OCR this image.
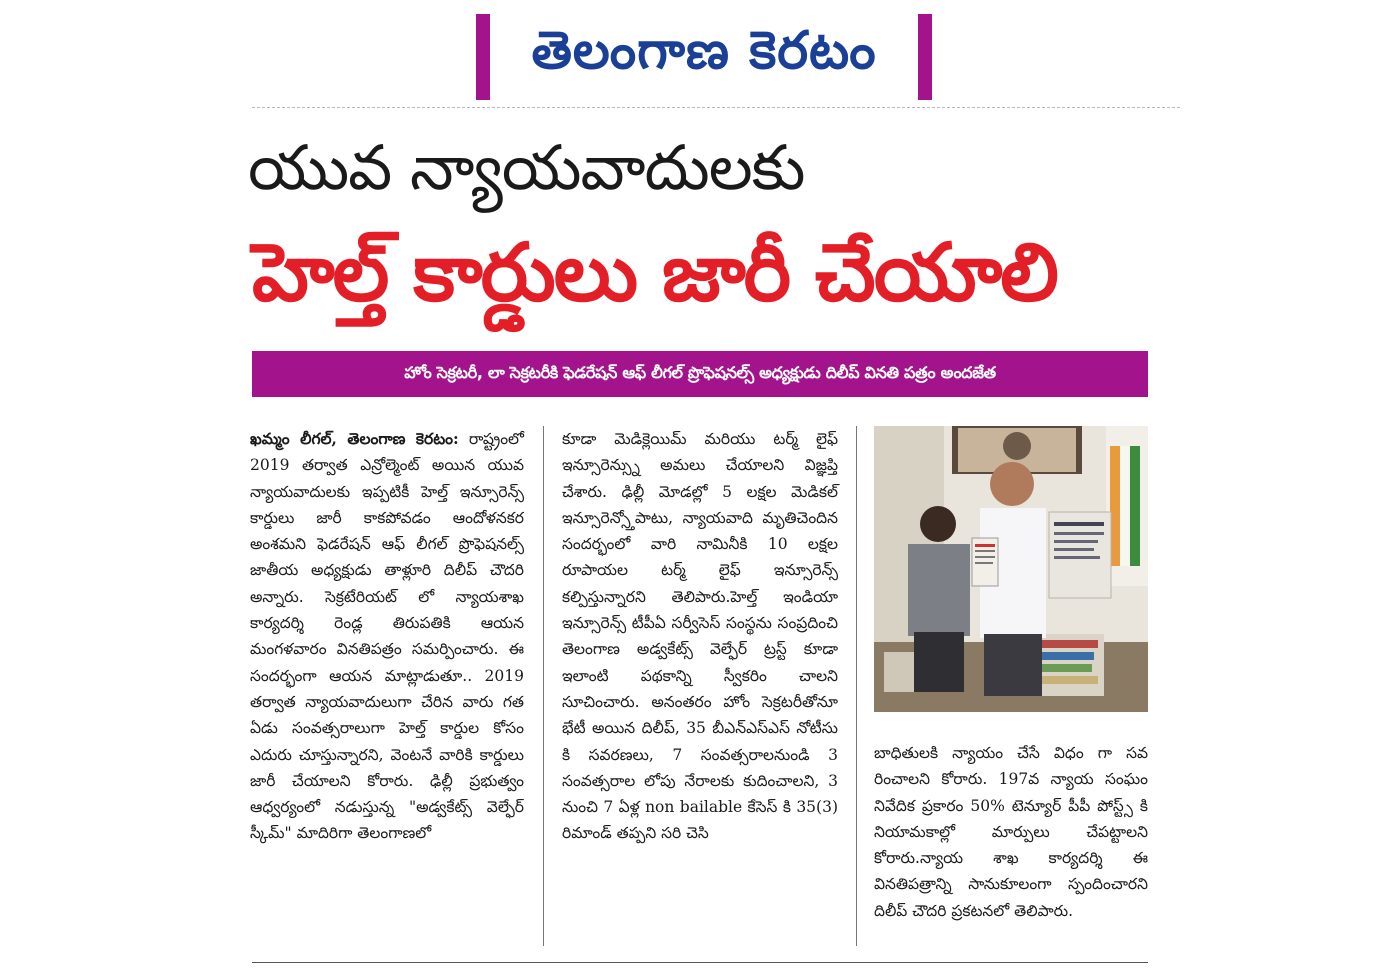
తెలంగాణ కెరటం
యువ న్యాయవాదులకు
హెల్త్ కార్డులు జారీ చేయాలి
హోం సెక్రటరీ, లా సెక్రటరీకి ఫెడరేషన్ ఆఫ్ లీగల్ ప్రొఫెషనల్స్ అధ్యక్షుడు దిలీప్ వినతి పత్రం అందజేత

ఖమ్మం లీగల్, తెలంగాణ కెరటం: రాష్ట్రంలో 2019 తర్వాత ఎన్రోల్మెంట్ అయిన యువ న్యాయవాదులకు ఇప్పటికీ హెల్త్ ఇన్సూరెన్స్ కార్డులు జారీ కాకపోవడం ఆందోళనకర అంశమని ఫెడరేషన్ ఆఫ్ లీగల్ ప్రొఫెషనల్స్ జాతీయ అధ్యక్షుడు తాళ్లూరి దిలీప్ చౌదరి అన్నారు. సెక్రటేరియట్ లో న్యాయశాఖ కార్యదర్శి రెండ్ల తిరుపతికి ఆయన మంగళవారం వినతిపత్రం సమర్పించారు. ఈ సందర్భంగా ఆయన మాట్లాడుతూ.. 2019 తర్వాత న్యాయవాదులుగా చేరిన వారు గత ఏడు సంవత్సరాలుగా హెల్త్ కార్డుల కోసం ఎదురు చూస్తున్నారని, వెంటనే వారికి కార్డులు జారీ చేయాలని కోరారు. ఢిల్లీ ప్రభుత్వం ఆధ్వర్యంలో నడుస్తున్న "అడ్వకేట్స్ వెల్ఫేర్ స్కీమ్" మాదిరిగా తెలంగాణలో

కూడా మెడిక్లెయిమ్ మరియు టర్మ్ లైఫ్ ఇన్సూరెన్స్ను అమలు చేయాలని విజ్ఞప్తి చేశారు. ఢిల్లీ మోడల్లో 5 లక్షల మెడికల్ ఇన్సూరెన్స్తోపాటు, న్యాయవాది మృతిచెందిన సందర్భంలో వారి నామినీకి 10 లక్షల రూపాయల టర్మ్ లైఫ్ ఇన్సూరెన్స్ కల్పిస్తున్నారని తెలిపారు.హెల్త్ ఇండియా ఇన్సూరెన్స్ టీపీఏ సర్వీసెస్ సంస్థను సంప్రదించి తెలంగాణ అడ్వకేట్స్ వెల్ఫేర్ ట్రస్ట్ కూడా ఇలాంటి పథకాన్ని స్వీకరిం చాలని సూచించారు. అనంతరం హోం సెక్రటరీతోనూ భేటీ అయిన దిలీప్, 35 బీఎన్ఎస్ఎస్ నోటీసు కి సవరణలు, 7 సంవత్సరాలనుండి 3 సంవత్సరాల లోపు నేరాలకు కుదించాలని, 3 నుంచి 7 ఏళ్ల non bailable కేసెస్ కి 35(3) రిమాండ్ తప్పని సరి చెసి

బాధితులకి న్యాయం చేసే విధం గా సవ రించాలని కోరారు. 197వ న్యాయ సంఘం నివేదిక ప్రకారం 50% టెన్యూర్ పీపీ పోస్ట్స్ కి నియామకాల్లో మార్పులు చేపట్టాలని కోరారు.న్యాయ శాఖ కార్యదర్శి ఈ వినతిపత్రాన్ని సానుకూలంగా స్పందించారని దిలీప్ చౌదరి ప్రకటనలో తెలిపారు.
